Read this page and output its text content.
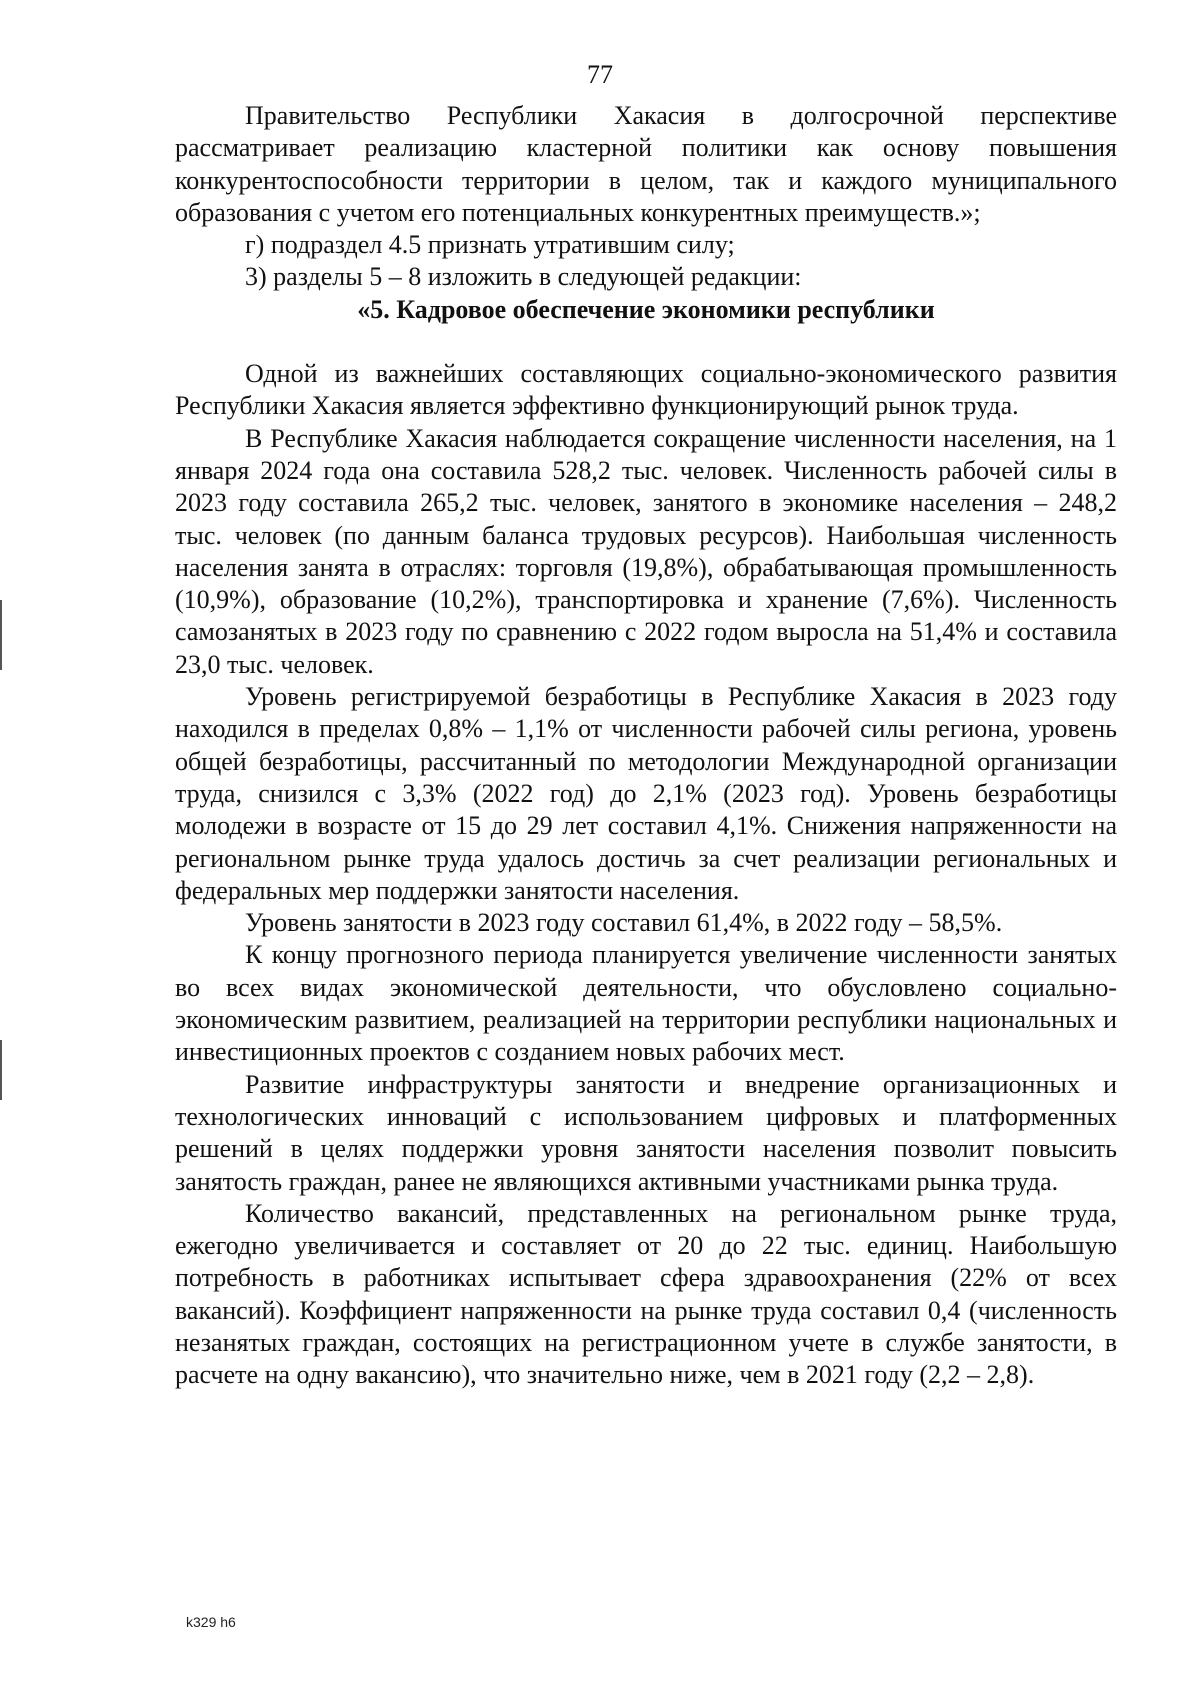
77

Правительство Республики Хакасия в долгосрочной перспективе рассматривает реализацию кластерной политики как основу повышения конкурентоспособности территории в целом, так и каждого муниципального образования с учетом его потенциальных конкурентных преимуществ.»;

г) подраздел 4.5 признать утратившим силу;

3) разделы 5 – 8 изложить в следующей редакции:

«5. Кадровое обеспечение экономики республики

Одной из важнейших составляющих социально-экономического развития Республики Хакасия является эффективно функционирующий рынок труда.

В Республике Хакасия наблюдается сокращение численности населения, на 1 января 2024 года она составила 528,2 тыс. человек. Численность рабочей силы в 2023 году составила 265,2 тыс. человек, занятого в экономике населения – 248,2 тыс. человек (по данным баланса трудовых ресурсов). Наибольшая численность населения занята в отраслях: торговля (19,8%), обрабатывающая промышленность (10,9%), образование (10,2%), транспортировка и хранение (7,6%). Численность самозанятых в 2023 году по сравнению с 2022 годом выросла на 51,4% и составила 23,0 тыс. человек.

Уровень регистрируемой безработицы в Республике Хакасия в 2023 году находился в пределах 0,8% – 1,1% от численности рабочей силы региона, уровень общей безработицы, рассчитанный по методологии Международной организации труда, снизился с 3,3% (2022 год) до 2,1% (2023 год). Уровень безработицы молодежи в возрасте от 15 до 29 лет составил 4,1%. Снижения напряженности на региональном рынке труда удалось достичь за счет реализации региональных и федеральных мер поддержки занятости населения.

Уровень занятости в 2023 году составил 61,4%, в 2022 году – 58,5%.

К концу прогнозного периода планируется увеличение численности занятых во всех видах экономической деятельности, что обусловлено социально-экономическим развитием, реализацией на территории республики национальных и инвестиционных проектов с созданием новых рабочих мест.

Развитие инфраструктуры занятости и внедрение организационных и технологических инноваций с использованием цифровых и платформенных решений в целях поддержки уровня занятости населения позволит повысить занятость граждан, ранее не являющихся активными участниками рынка труда.

Количество вакансий, представленных на региональном рынке труда, ежегодно увеличивается и составляет от 20 до 22 тыс. единиц. Наибольшую потребность в работниках испытывает сфера здравоохранения (22% от всех вакансий). Коэффициент напряженности на рынке труда составил 0,4 (численность незанятых граждан, состоящих на регистрационном учете в службе занятости, в расчете на одну вакансию), что значительно ниже, чем в 2021 году (2,2 – 2,8).

k329 h6
